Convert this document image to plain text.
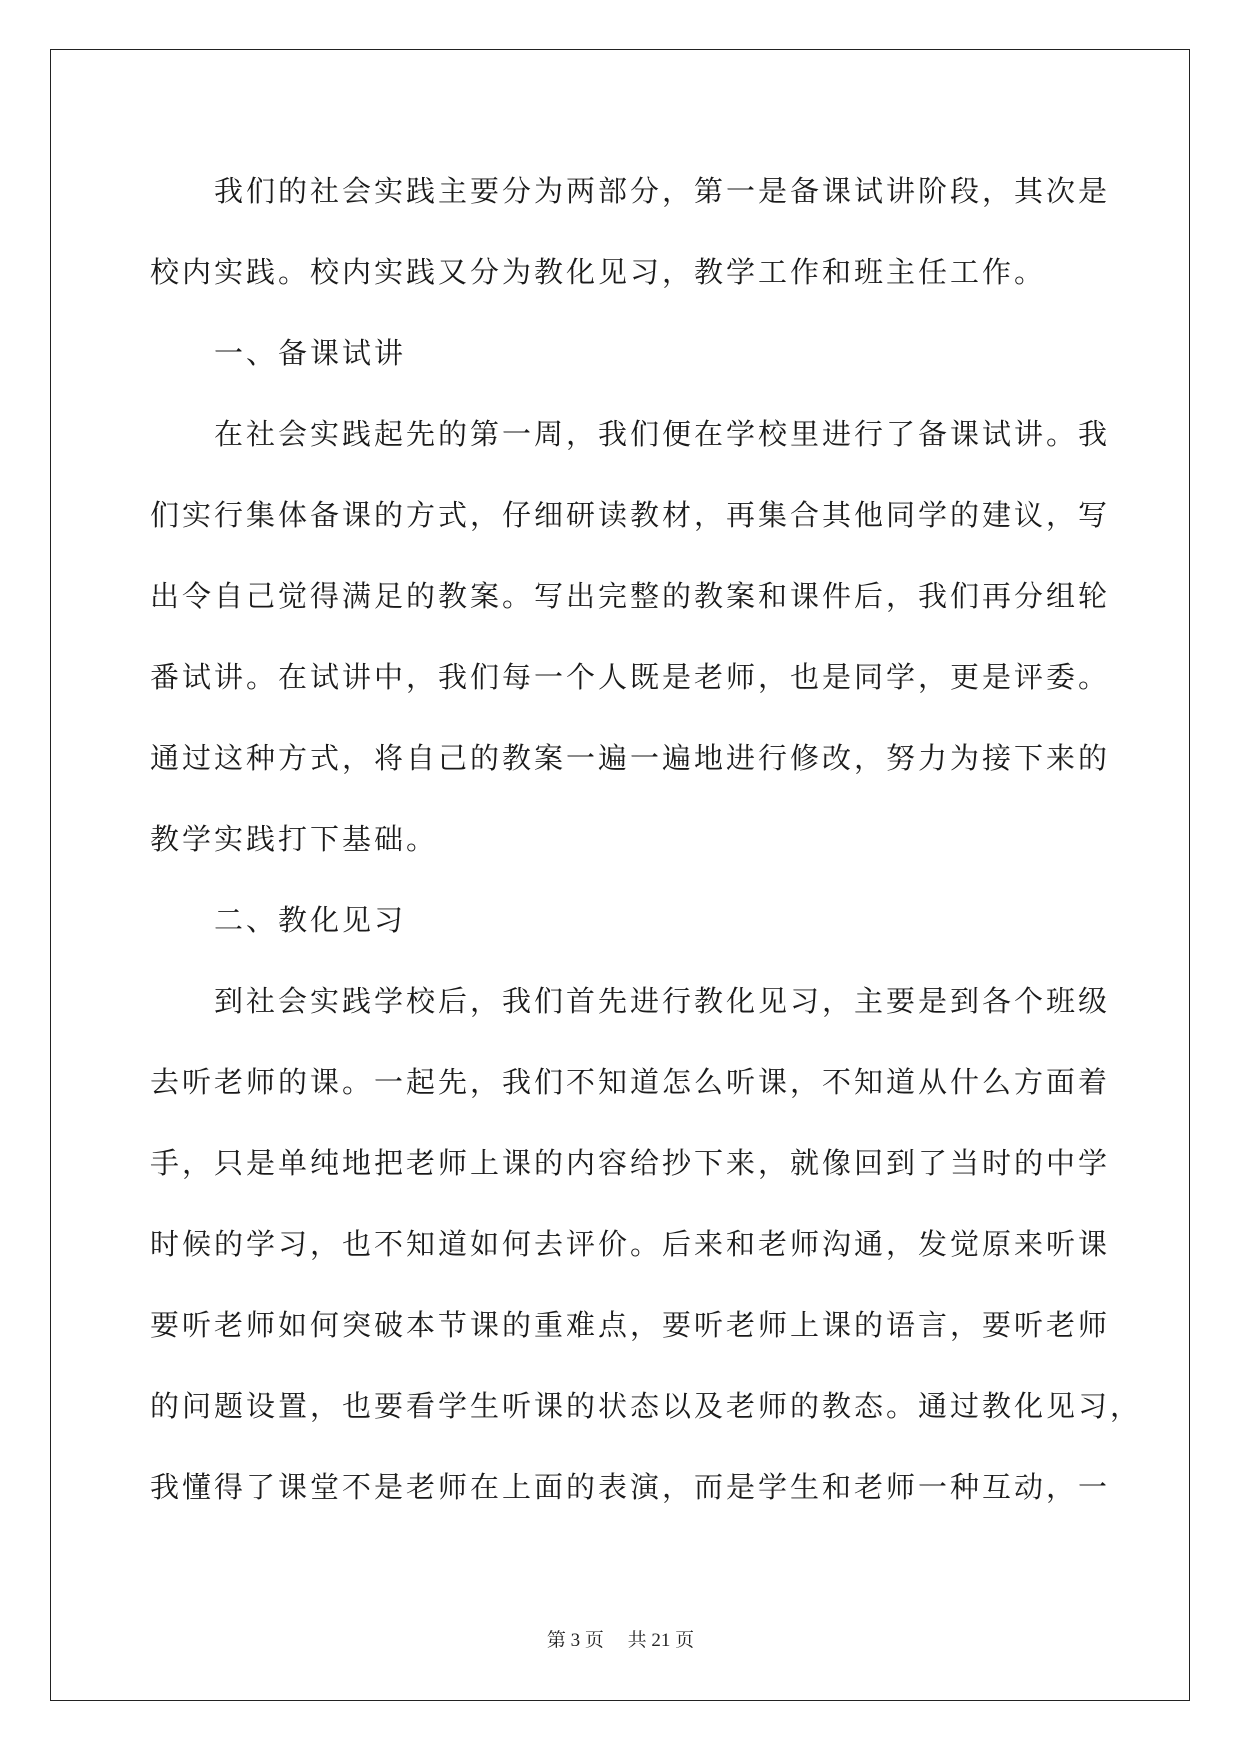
　　我们的社会实践主要分为两部分，第一是备课试讲阶段，其次是
校内实践。校内实践又分为教化见习，教学工作和班主任工作。
　　一、备课试讲
　　在社会实践起先的第一周，我们便在学校里进行了备课试讲。我
们实行集体备课的方式，仔细研读教材，再集合其他同学的建议，写
出令自己觉得满足的教案。写出完整的教案和课件后，我们再分组轮
番试讲。在试讲中，我们每一个人既是老师，也是同学，更是评委。
通过这种方式，将自己的教案一遍一遍地进行修改，努力为接下来的
教学实践打下基础。
　　二、教化见习
　　到社会实践学校后，我们首先进行教化见习，主要是到各个班级
去听老师的课。一起先，我们不知道怎么听课，不知道从什么方面着
手，只是单纯地把老师上课的内容给抄下来，就像回到了当时的中学
时候的学习，也不知道如何去评价。后来和老师沟通，发觉原来听课
要听老师如何突破本节课的重难点，要听老师上课的语言，要听老师
的问题设置，也要看学生听课的状态以及老师的教态。通过教化见习，
我懂得了课堂不是老师在上面的表演，而是学生和老师一种互动，一
第 3 页　 共 21 页
